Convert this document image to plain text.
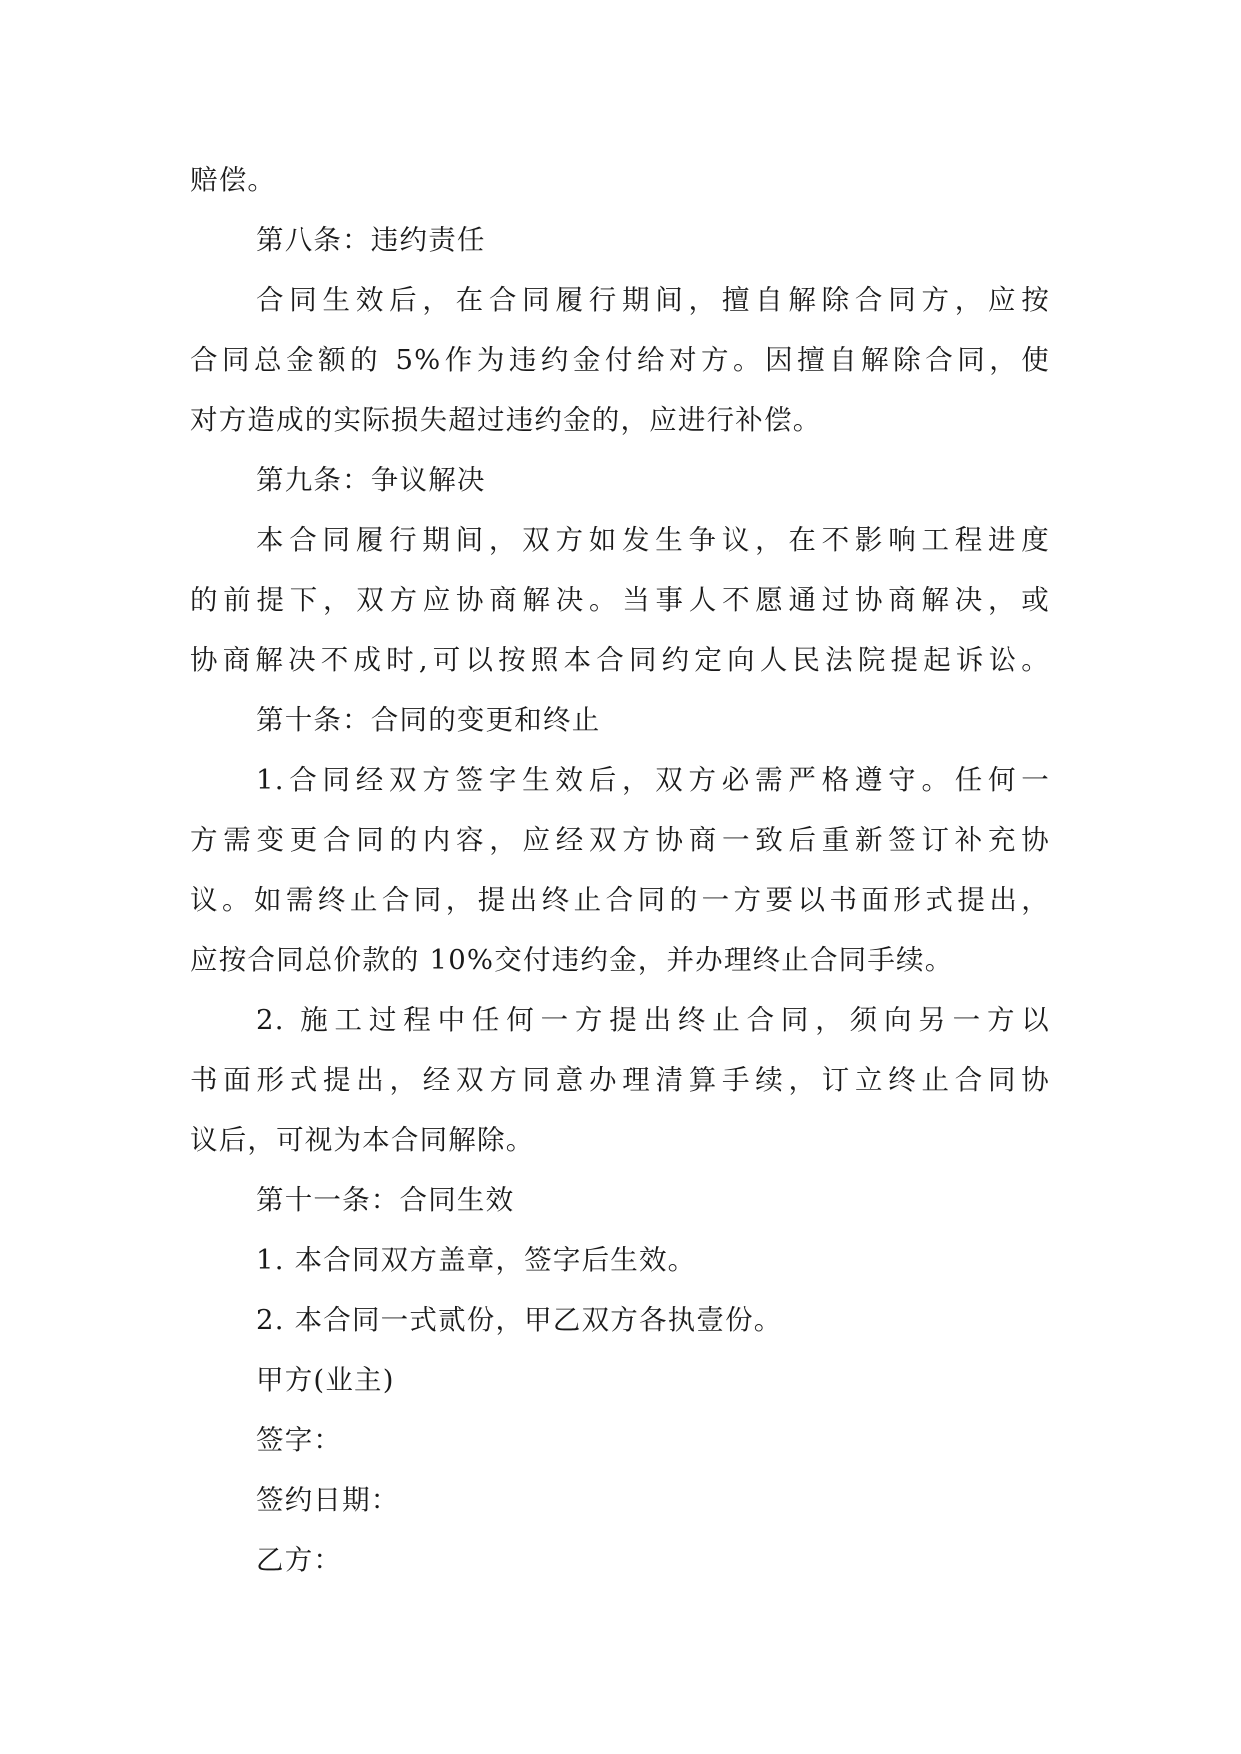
赔偿。

第八条：违约责任

合同生效后，在合同履行期间，擅自解除合同方，应按

合同总金额的 5%作为违约金付给对方。因擅自解除合同，使

对方造成的实际损失超过违约金的，应进行补偿。

第九条：争议解决

本合同履行期间，双方如发生争议，在不影响工程进度

的前提下，双方应协商解决。当事人不愿通过协商解决，或

协商解决不成时,可以按照本合同约定向人民法院提起诉讼。

第十条：合同的变更和终止

1.合同经双方签字生效后，双方必需严格遵守。任何一

方需变更合同的内容，应经双方协商一致后重新签订补充协

议。如需终止合同，提出终止合同的一方要以书面形式提出，

应按合同总价款的 10%交付违约金，并办理终止合同手续。

2. 施工过程中任何一方提出终止合同，须向另一方以

书面形式提出，经双方同意办理清算手续，订立终止合同协

议后，可视为本合同解除。

第十一条：合同生效

1. 本合同双方盖章，签字后生效。

2. 本合同一式贰份，甲乙双方各执壹份。

甲方(业主)

签字：

签约日期：

乙方：
